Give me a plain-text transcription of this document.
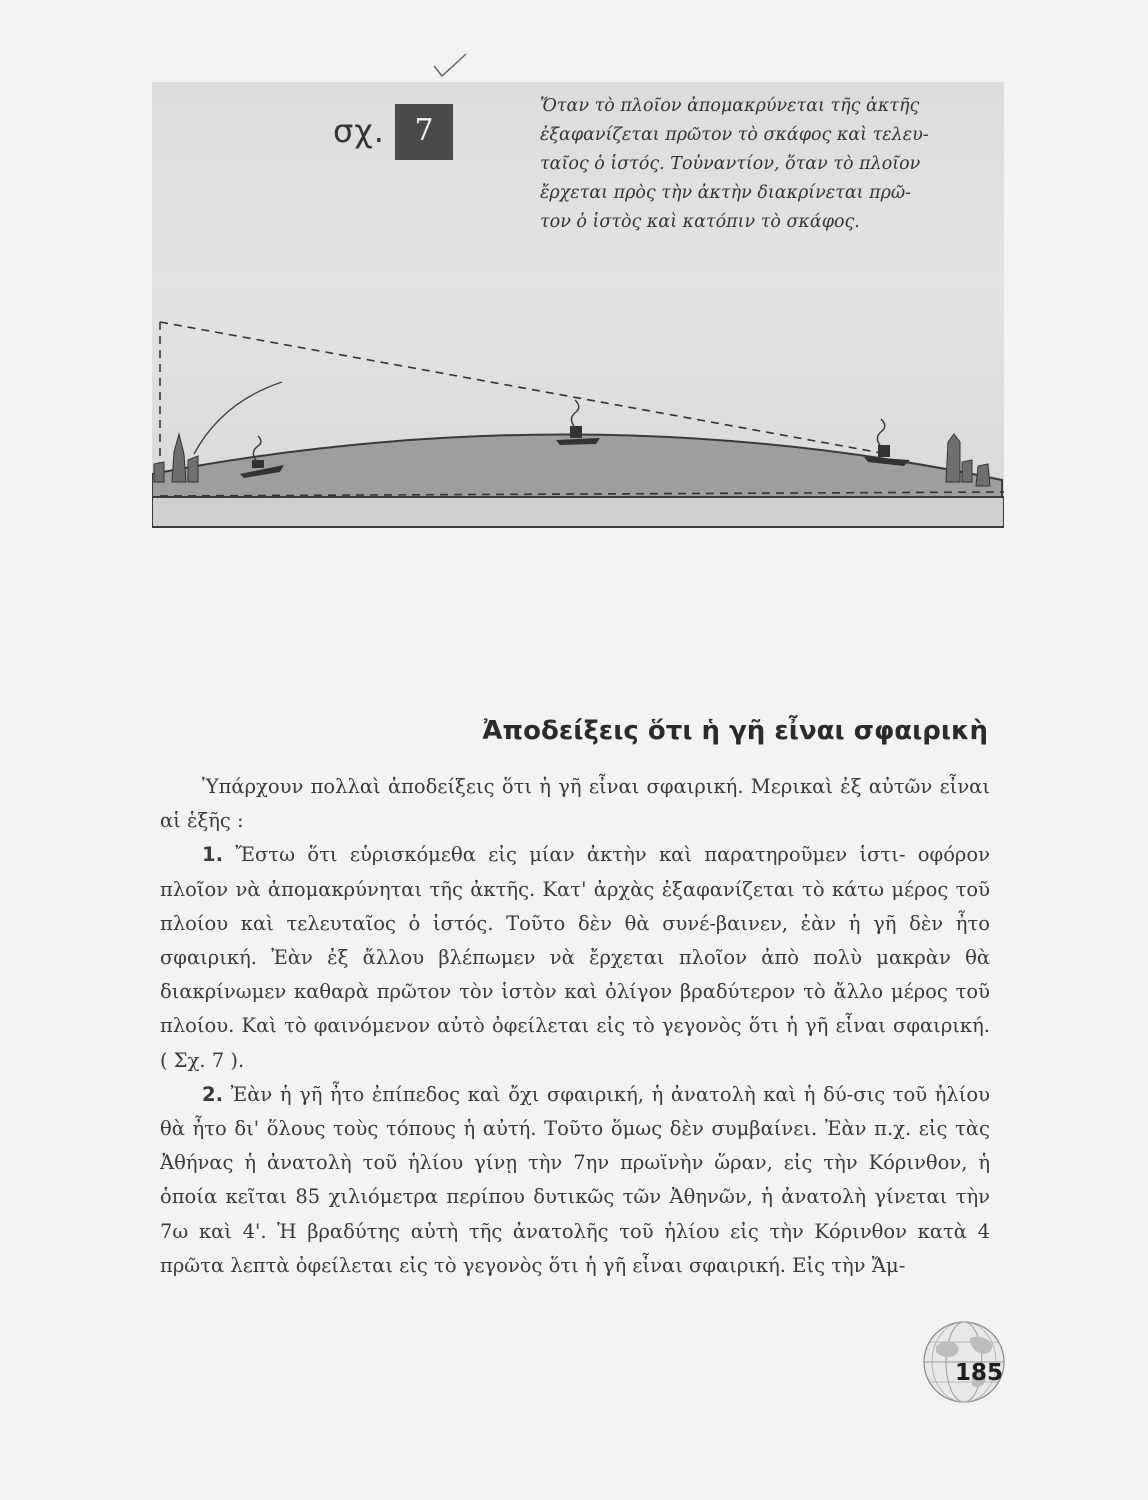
σχ. 7
Ὅταν τὸ πλοῖον ἀπομακρύνεται τῆς ἀκτῆς
ἐξαφανίζεται πρῶτον τὸ σκάφος καὶ τελευ-
ταῖος ὁ ἱστός. Τοὐναντίον, ὅταν τὸ πλοῖον
ἔρχεται πρὸς τὴν ἀκτὴν διακρίνεται πρῶ-
τον ὁ ἱστὸς καὶ κατόπιν τὸ σκάφος.
Ἀποδείξεις ὅτι ἡ γῆ εἶναι σφαιρικὴ

Ὑπάρχουν πολλαὶ ἀποδείξεις ὅτι ἡ γῆ εἶναι σφαιρική. Μερικαὶ ἐξ αὐτῶν εἶναι αἱ ἑξῆς :

1. Ἔστω ὅτι εὑρισκόμεθα εἰς μίαν ἀκτὴν καὶ παρατηροῦμεν ἱστι- οφόρον πλοῖον νὰ ἀπομακρύνηται τῆς ἀκτῆς. Κατ' ἀρχὰς ἐξαφανίζεται τὸ κάτω μέρος τοῦ πλοίου καὶ τελευταῖος ὁ ἱστός. Τοῦτο δὲν θὰ συνέ-βαινεν, ἐὰν ἡ γῆ δὲν ἦτο σφαιρική. Ἐὰν ἐξ ἄλλου βλέπωμεν νὰ ἔρχεται πλοῖον ἀπὸ πολὺ μακρὰν θὰ διακρίνωμεν καθαρὰ πρῶτον τὸν ἱστὸν καὶ ὀλίγον βραδύτερον τὸ ἄλλο μέρος τοῦ πλοίου. Καὶ τὸ φαινόμενον αὐτὸ ὀφείλεται εἰς τὸ γεγονὸς ὅτι ἡ γῆ εἶναι σφαιρική. ( Σχ. 7 ).

2. Ἐὰν ἡ γῆ ἦτο ἐπίπεδος καὶ ὄχι σφαιρική, ἡ ἀνατολὴ καὶ ἡ δύ-σις τοῦ ἡλίου θὰ ἦτο δι' ὅλους τοὺς τόπους ἡ αὐτή. Τοῦτο ὅμως δὲν συμβαίνει. Ἐὰν π.χ. εἰς τὰς Ἀθήνας ἡ ἀνατολὴ τοῦ ἡλίου γίνῃ τὴν 7ην πρωϊνὴν ὥραν, εἰς τὴν Κόρινθον, ἡ ὁποία κεῖται 85 χιλιόμετρα περίπου δυτικῶς τῶν Ἀθηνῶν, ἡ ἀνατολὴ γίνεται τὴν 7ω καὶ 4'. Ἡ βραδύτης αὐτὴ τῆς ἀνατολῆς τοῦ ἡλίου εἰς τὴν Κόρινθον κατὰ 4 πρῶτα λεπτὰ ὀφείλεται εἰς τὸ γεγονὸς ὅτι ἡ γῆ εἶναι σφαιρική. Εἰς τὴν Ἄμ-

185
